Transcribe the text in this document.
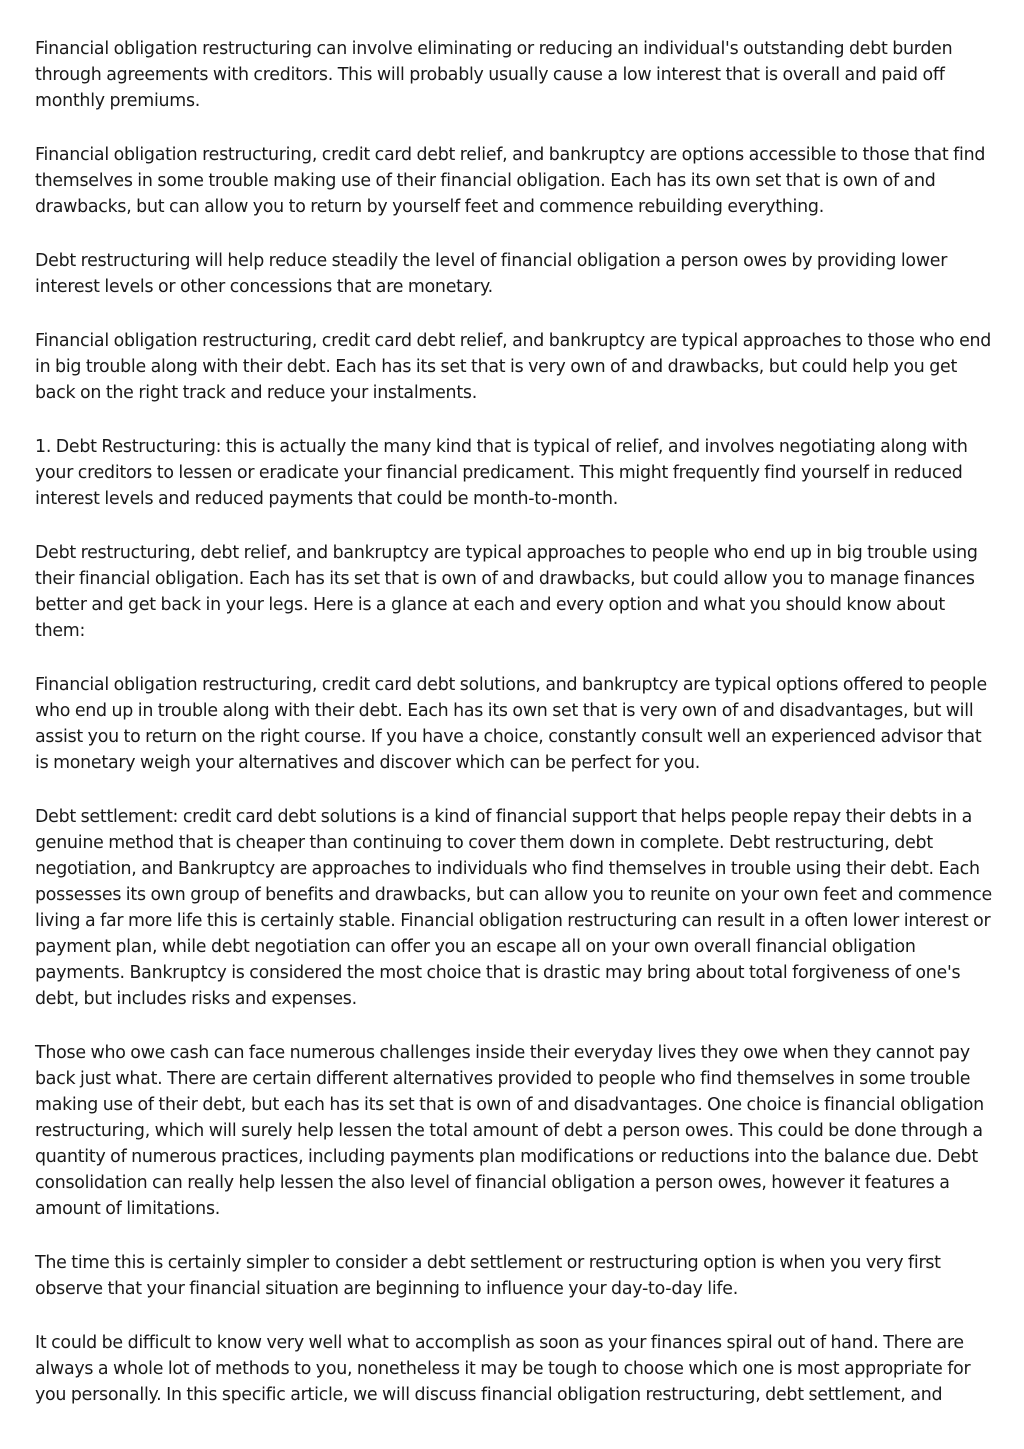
Financial obligation restructuring can involve eliminating or reducing an individual's outstanding debt burden through agreements with creditors. This will probably usually cause a low interest that is overall and paid off monthly premiums.

Financial obligation restructuring, credit card debt relief, and bankruptcy are options accessible to those that find themselves in some trouble making use of their financial obligation. Each has its own set that is own of and drawbacks, but can allow you to return by yourself feet and commence rebuilding everything.

Debt restructuring will help reduce steadily the level of financial obligation a person owes by providing lower interest levels or other concessions that are monetary.

Financial obligation restructuring, credit card debt relief, and bankruptcy are typical approaches to those who end in big trouble along with their debt. Each has its set that is very own of and drawbacks, but could help you get back on the right track and reduce your instalments.

1. Debt Restructuring: this is actually the many kind that is typical of relief, and involves negotiating along with your creditors to lessen or eradicate your financial predicament. This might frequently find yourself in reduced interest levels and reduced payments that could be month-to-month.

Debt restructuring, debt relief, and bankruptcy are typical approaches to people who end up in big trouble using their financial obligation. Each has its set that is own of and drawbacks, but could allow you to manage finances better and get back in your legs. Here is a glance at each and every option and what you should know about them:

Financial obligation restructuring, credit card debt solutions, and bankruptcy are typical options offered to people who end up in trouble along with their debt. Each has its own set that is very own of and disadvantages, but will assist you to return on the right course. If you have a choice, constantly consult well an experienced advisor that is monetary weigh your alternatives and discover which can be perfect for you.

Debt settlement: credit card debt solutions is a kind of financial support that helps people repay their debts in a genuine method that is cheaper than continuing to cover them down in complete. Debt restructuring, debt negotiation, and Bankruptcy are approaches to individuals who find themselves in trouble using their debt. Each possesses its own group of benefits and drawbacks, but can allow you to reunite on your own feet and commence living a far more life this is certainly stable. Financial obligation restructuring can result in a often lower interest or payment plan, while debt negotiation can offer you an escape all on your own overall financial obligation payments. Bankruptcy is considered the most choice that is drastic may bring about total forgiveness of one's debt, but includes risks and expenses.

Those who owe cash can face numerous challenges inside their everyday lives they owe when they cannot pay back just what. There are certain different alternatives provided to people who find themselves in some trouble making use of their debt, but each has its set that is own of and disadvantages. One choice is financial obligation restructuring, which will surely help lessen the total amount of debt a person owes. This could be done through a quantity of numerous practices, including payments plan modifications or reductions into the balance due. Debt consolidation can really help lessen the also level of financial obligation a person owes, however it features a amount of limitations.

The time this is certainly simpler to consider a debt settlement or restructuring option is when you very first observe that your financial situation are beginning to influence your day-to-day life.

It could be difficult to know very well what to accomplish as soon as your finances spiral out of hand. There are always a whole lot of methods to you, nonetheless it may be tough to choose which one is most appropriate for you personally. In this specific article, we will discuss financial obligation restructuring, debt settlement, and
